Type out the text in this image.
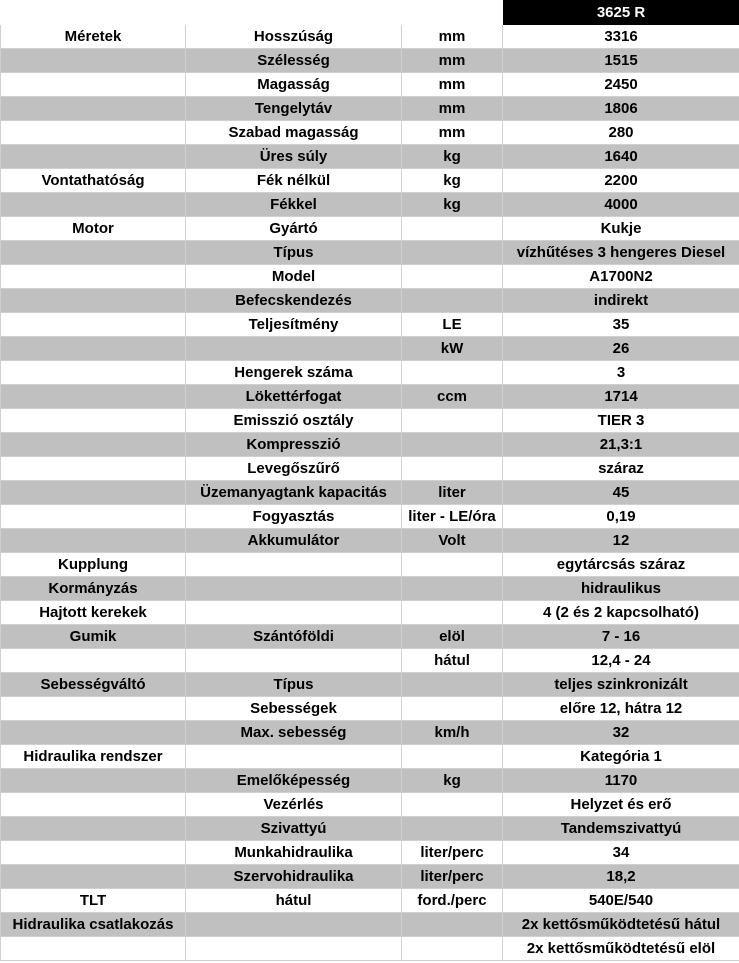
			3625 R
Méretek	Hosszúság	mm	3316
	Szélesség	mm	1515
	Magasság	mm	2450
	Tengelytáv	mm	1806
	Szabad magasság	mm	280
	Üres súly	kg	1640
Vontathatóság	Fék nélkül	kg	2200
	Fékkel	kg	4000
Motor	Gyártó		Kukje
	Típus		vízhűtéses 3 hengeres Diesel
	Model		A1700N2
	Befecskendezés		indirekt
	Teljesítmény	LE	35
		kW	26
	Hengerek száma		3
	Lökettérfogat	ccm	1714
	Emisszió osztály		TIER 3
	Kompresszió		21,3:1
	Levegőszűrő		száraz
	Üzemanyagtank kapacitás	liter	45
	Fogyasztás	liter - LE/óra	0,19
	Akkumulátor	Volt	12
Kupplung			egytárcsás száraz
Kormányzás			hidraulikus
Hajtott kerekek			4 (2 és 2 kapcsolható)
Gumik	Szántóföldi	elöl	7 - 16
		hátul	12,4 - 24
Sebességváltó	Típus		teljes szinkronizált
	Sebességek		előre 12, hátra 12
	Max. sebesség	km/h	32
Hidraulika rendszer			Kategória 1
	Emelőképesség	kg	1170
	Vezérlés		Helyzet és erő
	Szivattyú		Tandemszivattyú
	Munkahidraulika	liter/perc	34
	Szervohidraulika	liter/perc	18,2
TLT	hátul	ford./perc	540E/540
Hidraulika csatlakozás			2x kettősműködtetésű hátul
			2x kettősműködtetésű elöl
